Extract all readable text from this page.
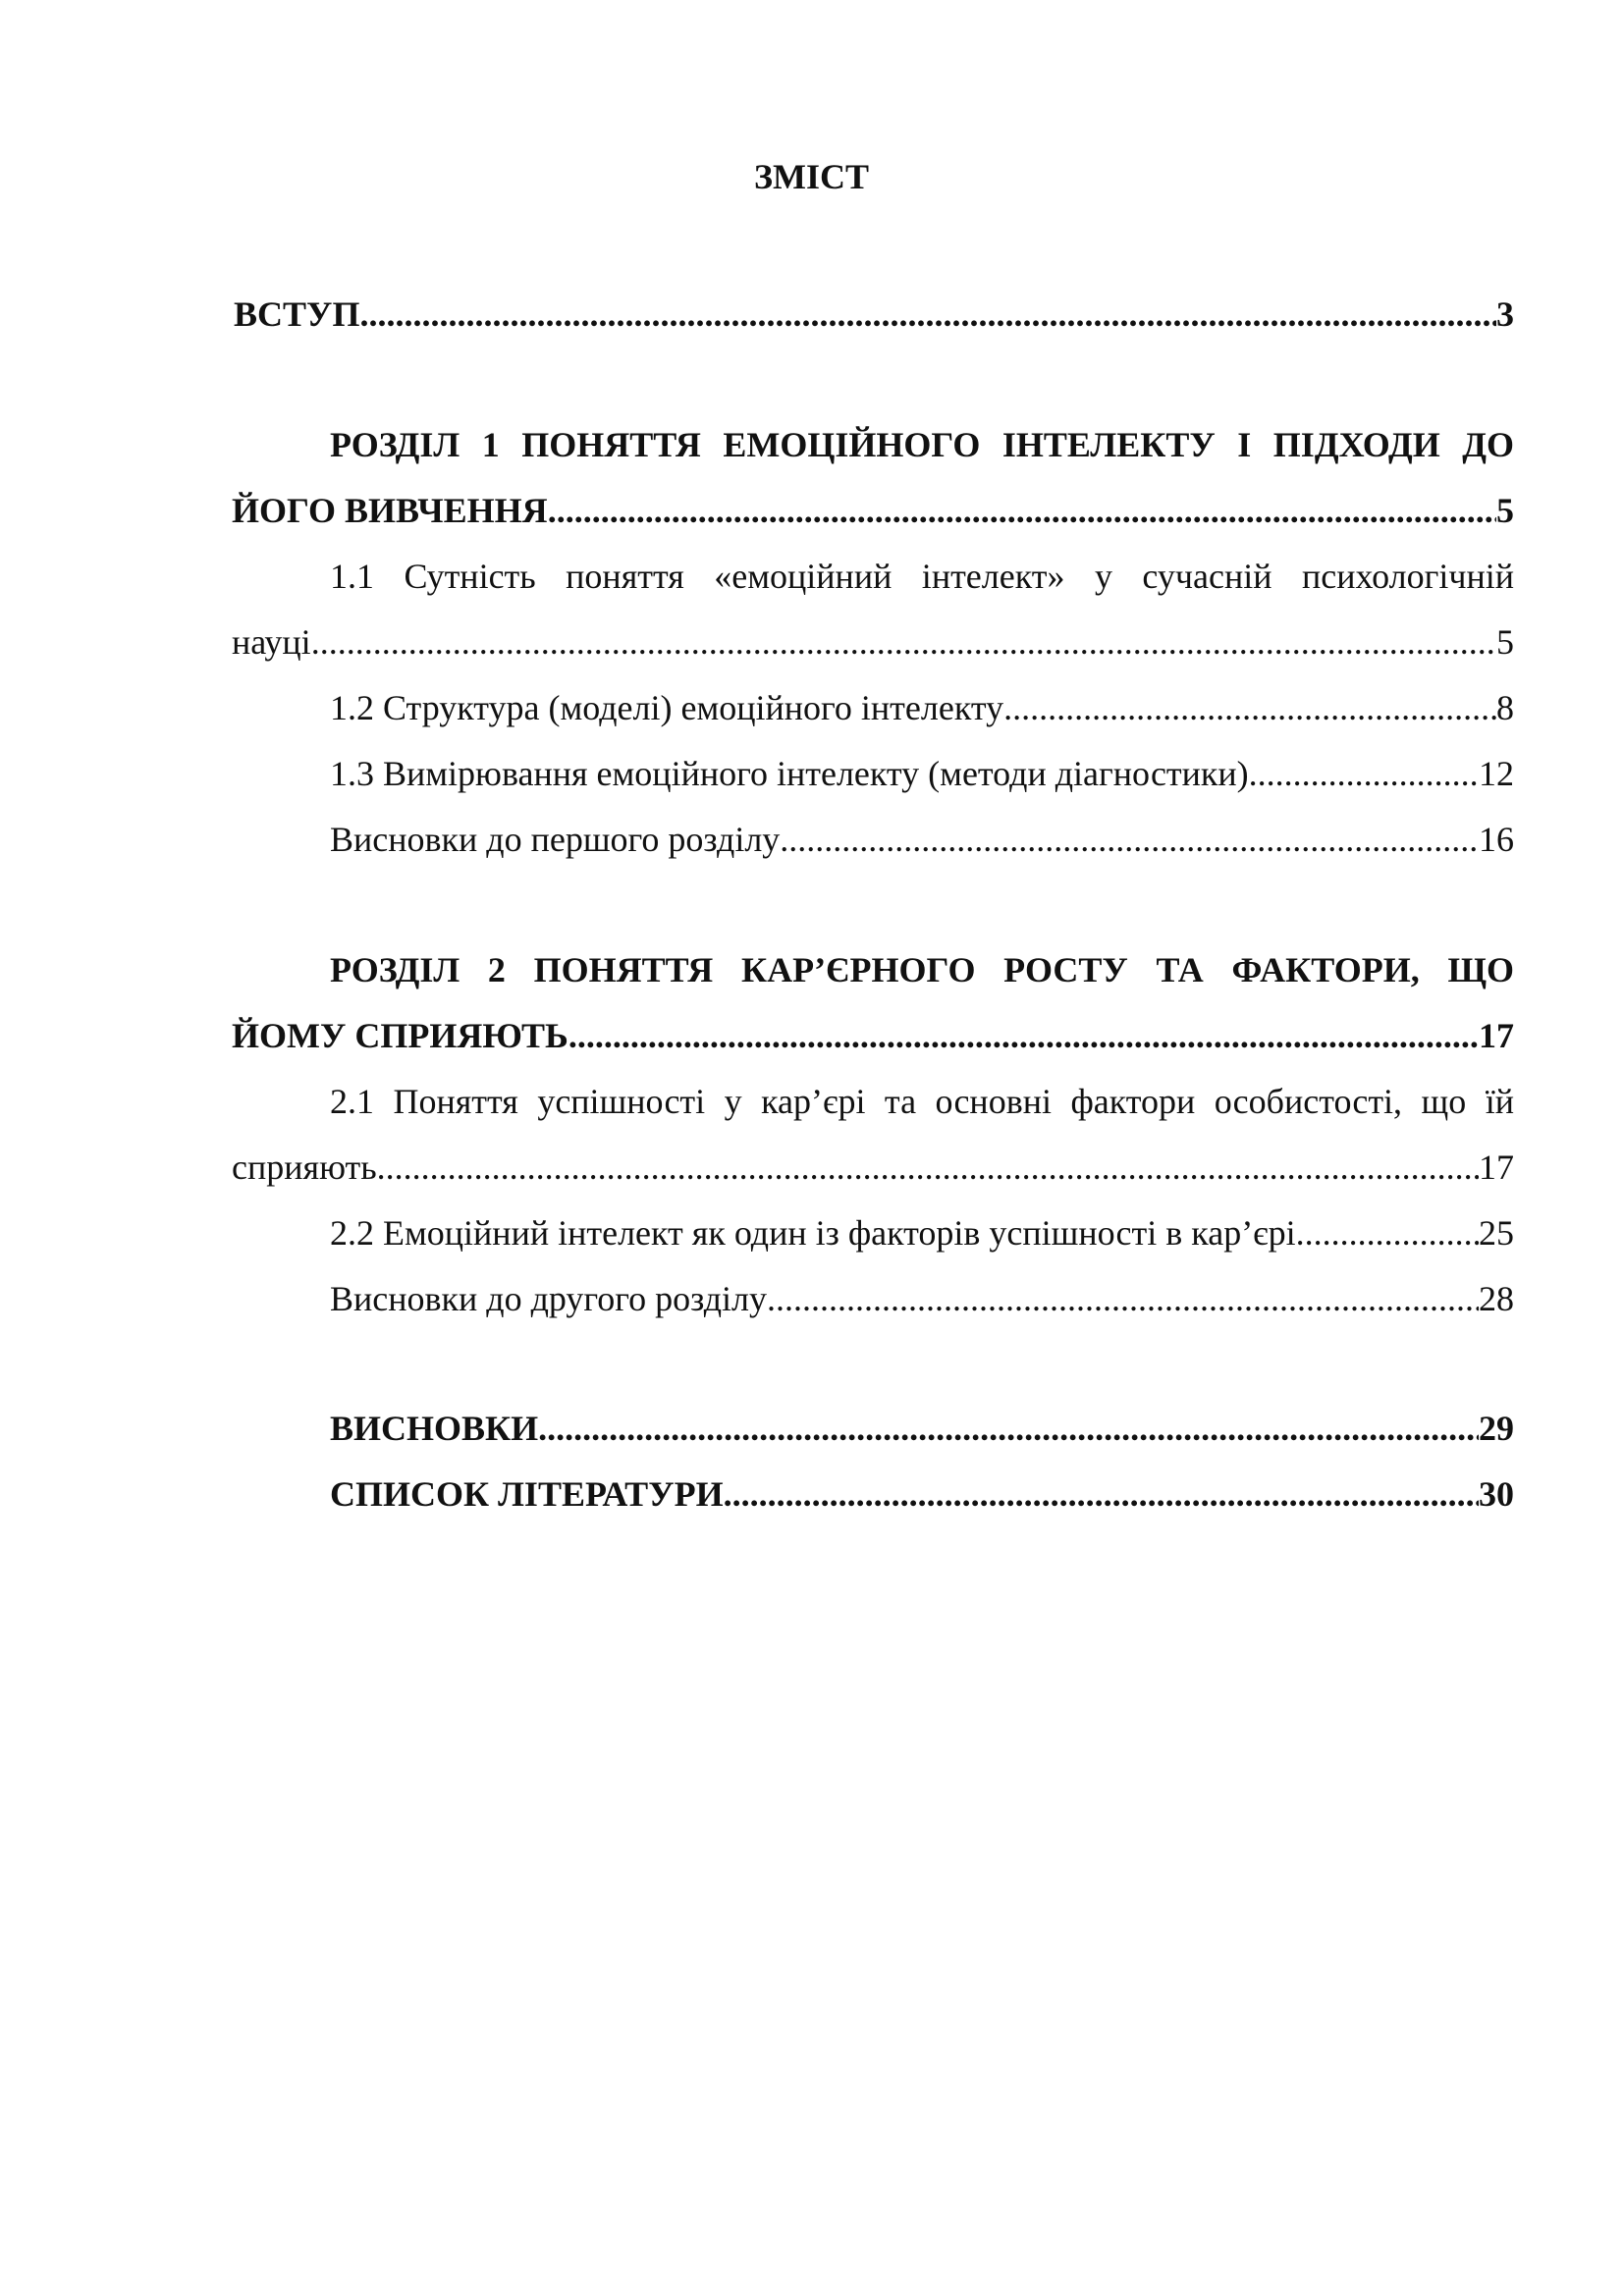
ЗМІСТ
ВСТУП .....	3
РОЗДІЛ 1 ПОНЯТТЯ ЕМОЦІЙНОГО ІНТЕЛЕКТУ І ПІДХОДИ ДО
ЙОГО ВИВЧЕННЯ .....	5
1.1 Сутність поняття «емоційний інтелект» у сучасній психологічній
науці .....	5
1.2 Структура (моделі) емоційного інтелекту .....	8
1.3 Вимірювання емоційного інтелекту (методи діагностики) .....	12
Висновки до першого розділу .....	16
РОЗДІЛ 2 ПОНЯТТЯ КАР’ЄРНОГО РОСТУ ТА ФАКТОРИ, ЩО
ЙОМУ СПРИЯЮТЬ .....	17
2.1 Поняття успішності у кар’єрі та основні фактори особистості, що їй
сприяють .....	17
2.2 Емоційний інтелект як один із факторів успішності в кар’єрі .....	25
Висновки до другого розділу .....	28
ВИСНОВКИ .....	29
СПИСОК ЛІТЕРАТУРИ .....	30
